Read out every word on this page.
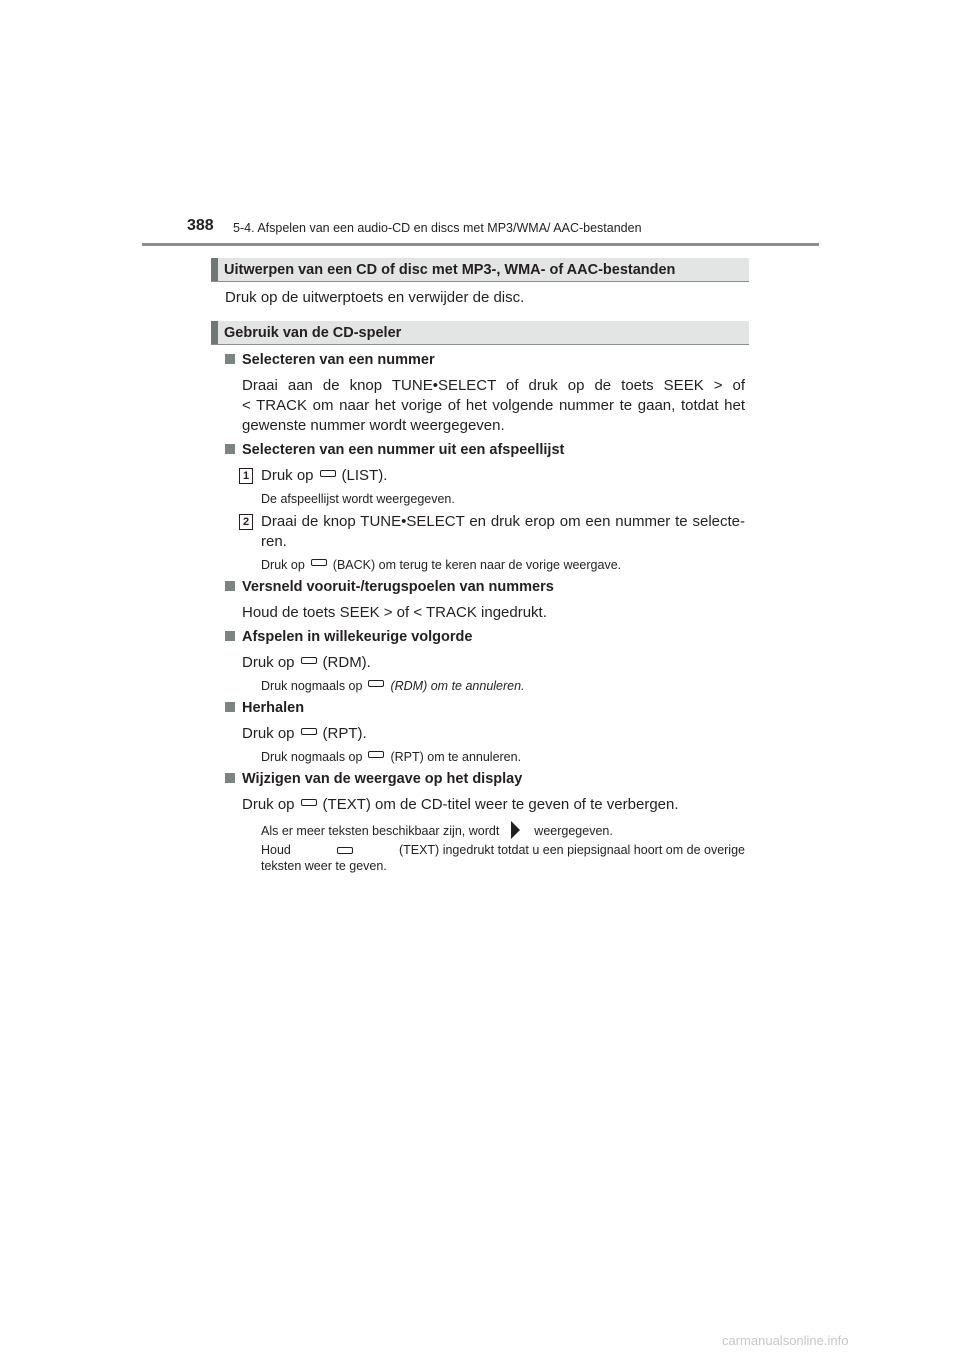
388 5-4. Afspelen van een audio-CD en discs met MP3/WMA/ AAC-bestanden
Uitwerpen van een CD of disc met MP3-, WMA- of AAC-bestanden
Druk op de uitwerptoets en verwijder de disc.
Gebruik van de CD-speler
Selecteren van een nummer
Draai aan de knop TUNE•SELECT of druk op de toets SEEK > of
< TRACK om naar het vorige of het volgende nummer te gaan, totdat het
gewenste nummer wordt weergegeven.
Selecteren van een nummer uit een afspeellijst
1 Druk op (LIST).
De afspeellijst wordt weergegeven.
2 Draai de knop TUNE•SELECT en druk erop om een nummer te selecte-
ren.
Druk op (BACK) om terug te keren naar de vorige weergave.
Versneld vooruit-/terugspoelen van nummers
Houd de toets SEEK > of < TRACK ingedrukt.
Afspelen in willekeurige volgorde
Druk op (RDM).
Druk nogmaals op (RDM) om te annuleren.
Herhalen
Druk op (RPT).
Druk nogmaals op (RPT) om te annuleren.
Wijzigen van de weergave op het display
Druk op (TEXT) om de CD-titel weer te geven of te verbergen.
Als er meer teksten beschikbaar zijn, wordt	weergegeven.
Houd	(TEXT) ingedrukt totdat u een piepsignaal hoort om de overige
teksten weer te geven.
carmanualsonline.info
